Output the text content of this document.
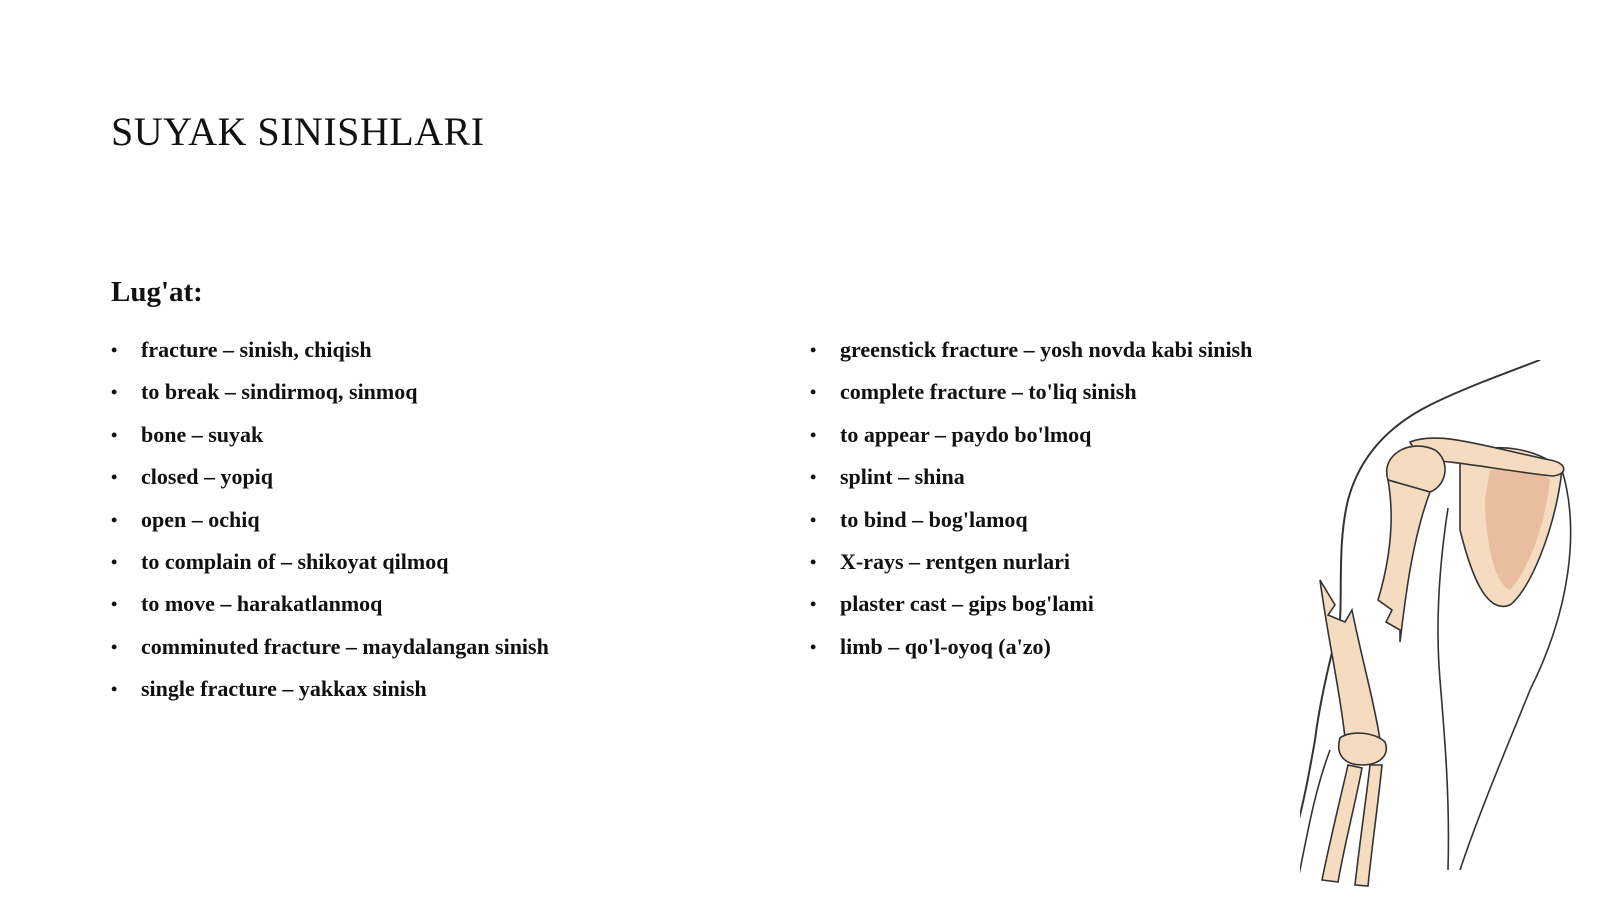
SUYAK SINISHLARI
Lug'at:
• fracture – sinish, chiqish
• to break – sindirmoq, sinmoq
• bone – suyak
• closed – yopiq
• open – ochiq
• to complain of – shikoyat qilmoq
• to move – harakatlanmoq
• comminuted fracture – maydalangan sinish
• single fracture – yakkax sinish
• greenstick fracture – yosh novda kabi sinish
• complete fracture – to'liq sinish
• to appear – paydo bo'lmoq
• splint – shina
• to bind – bog'lamoq
• X-rays – rentgen nurlari
• plaster cast – gips bog'lami
• limb – qo'l-oyoq (a'zo)
